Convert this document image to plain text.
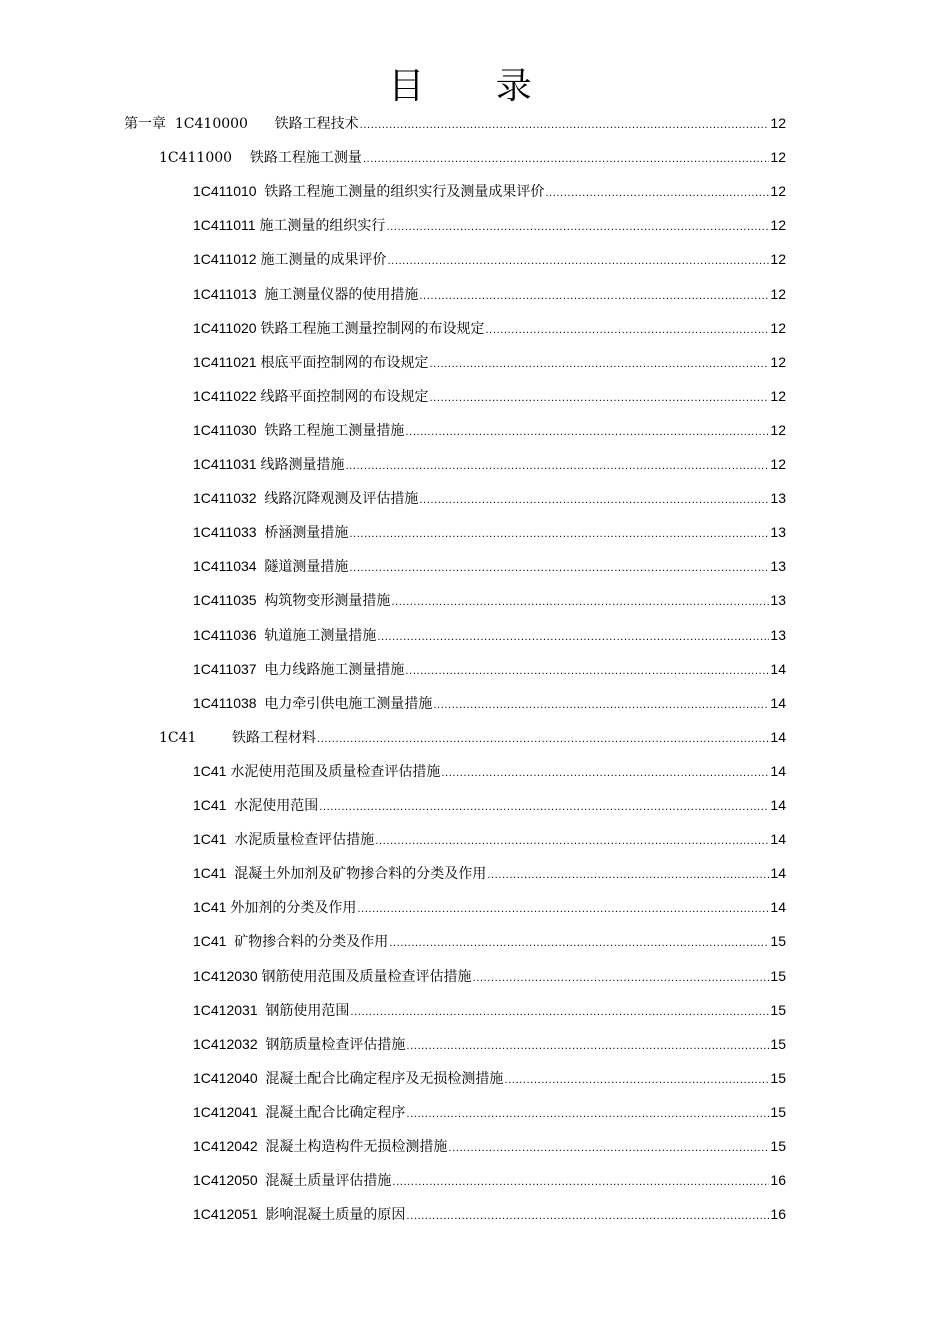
目 录
第一章  1C410000 铁路工程技术 .....	12
1C411000 铁路工程施工测量 .....	12
1C411010 铁路工程施工测量的组织实行及测量成果评价 .....	12
1C411011 施工测量的组织实行 .....	12
1C411012 施工测量的成果评价 .....	12
1C411013 施工测量仪器的使用措施 .....	12
1C411020 铁路工程施工测量控制网的布设规定 .....	12
1C411021 根底平面控制网的布设规定 .....	12
1C411022 线路平面控制网的布设规定 .....	12
1C411030 铁路工程施工测量措施 .....	12
1C411031 线路测量措施 .....	12
1C411032 线路沉降观测及评估措施 .....	13
1C411033 桥涵测量措施 .....	13
1C411034 隧道测量措施 .....	13
1C411035 构筑物变形测量措施 .....	13
1C411036 轨道施工测量措施 .....	13
1C411037 电力线路施工测量措施 .....	14
1C411038 电力牵引供电施工测量措施 .....	14
1C41 铁路工程材料 .....	14
1C41 水泥使用范围及质量检查评估措施 .....	14
1C41 水泥使用范围 .....	14
1C41 水泥质量检查评估措施 .....	14
1C41 混凝土外加剂及矿物掺合料的分类及作用 .....	14
1C41 外加剂的分类及作用 .....	14
1C41 矿物掺合料的分类及作用 .....	15
1C412030 钢筋使用范围及质量检查评估措施 .....	15
1C412031 钢筋使用范围 .....	15
1C412032 钢筋质量检查评估措施 .....	15
1C412040 混凝土配合比确定程序及无损检测措施 .....	15
1C412041 混凝土配合比确定程序 .....	15
1C412042 混凝土构造构件无损检测措施 .....	15
1C412050 混凝土质量评估措施 .....	16
1C412051 影响混凝土质量的原因 .....	16
